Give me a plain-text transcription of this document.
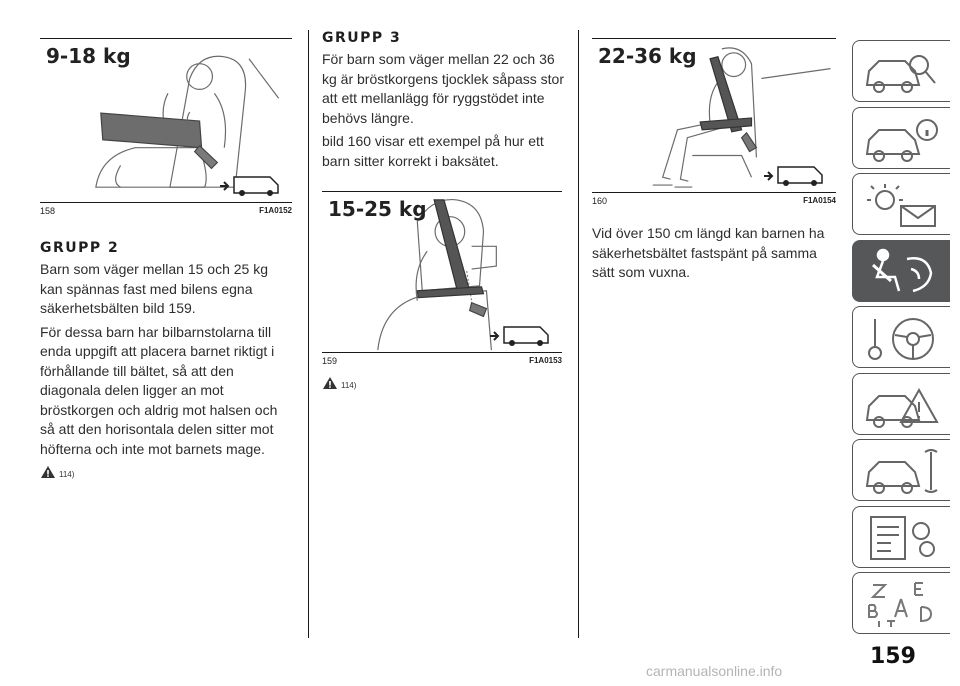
9-18 kg
158	F1A0152
GRUPP 2

Barn som väger mellan 15 och 25 kg kan spännas fast med bilens egna säkerhetsbälten bild 159.

För dessa barn har bilbarnstolarna till enda uppgift att placera barnet riktigt i förhållande till bältet, så att den diagonala delen ligger an mot bröstkorgen och aldrig mot halsen och så att den horisontala delen sitter mot höfterna och inte mot barnets mage.

114)
GRUPP 3

För barn som väger mellan 22 och 36 kg är bröstkorgens tjocklek såpass stor att ett mellanlägg för ryggstödet inte behövs längre.

bild 160 visar ett exempel på hur ett barn sitter korrekt i baksätet.

15-25 kg
159	F1A0153
114)
22-36 kg
160	F1A0154

Vid över 150 cm längd kan barnen ha säkerhetsbältet fastspänt på samma sätt som vuxna.

159
carmanualsonline.info
